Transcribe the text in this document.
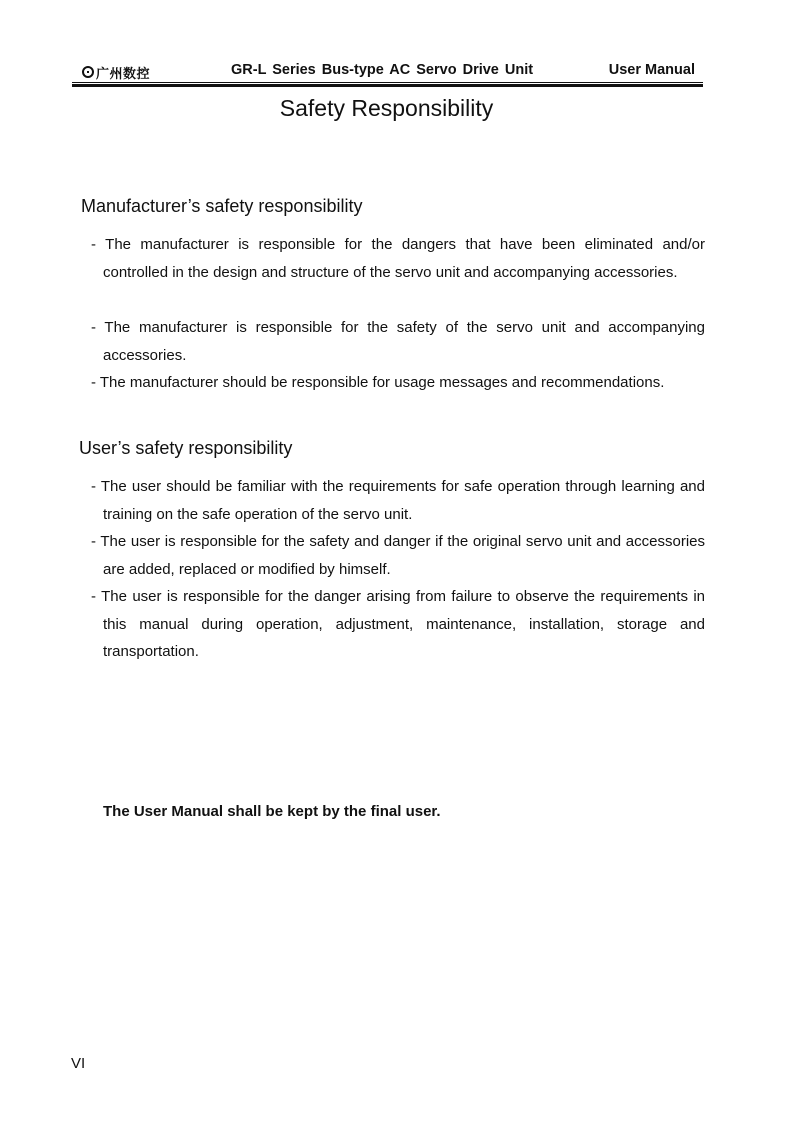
广州数控	GR-L Series Bus-type AC Servo Drive Unit	User Manual
Safety Responsibility
Manufacturer’s safety responsibility
- The manufacturer is responsible for the dangers that have been eliminated and/or controlled in the design and structure of the servo unit and accompanying accessories.
- The manufacturer is responsible for the safety of the servo unit and accompanying accessories.
- The manufacturer should be responsible for usage messages and recommendations.
User’s safety responsibility
- The user should be familiar with the requirements for safe operation through learning and training on the safe operation of the servo unit.
- The user is responsible for the safety and danger if the original servo unit and accessories are added, replaced or modified by himself.
- The user is responsible for the danger arising from failure to observe the requirements in this manual during operation, adjustment, maintenance, installation, storage and transportation.
The User Manual shall be kept by the final user.
VI
